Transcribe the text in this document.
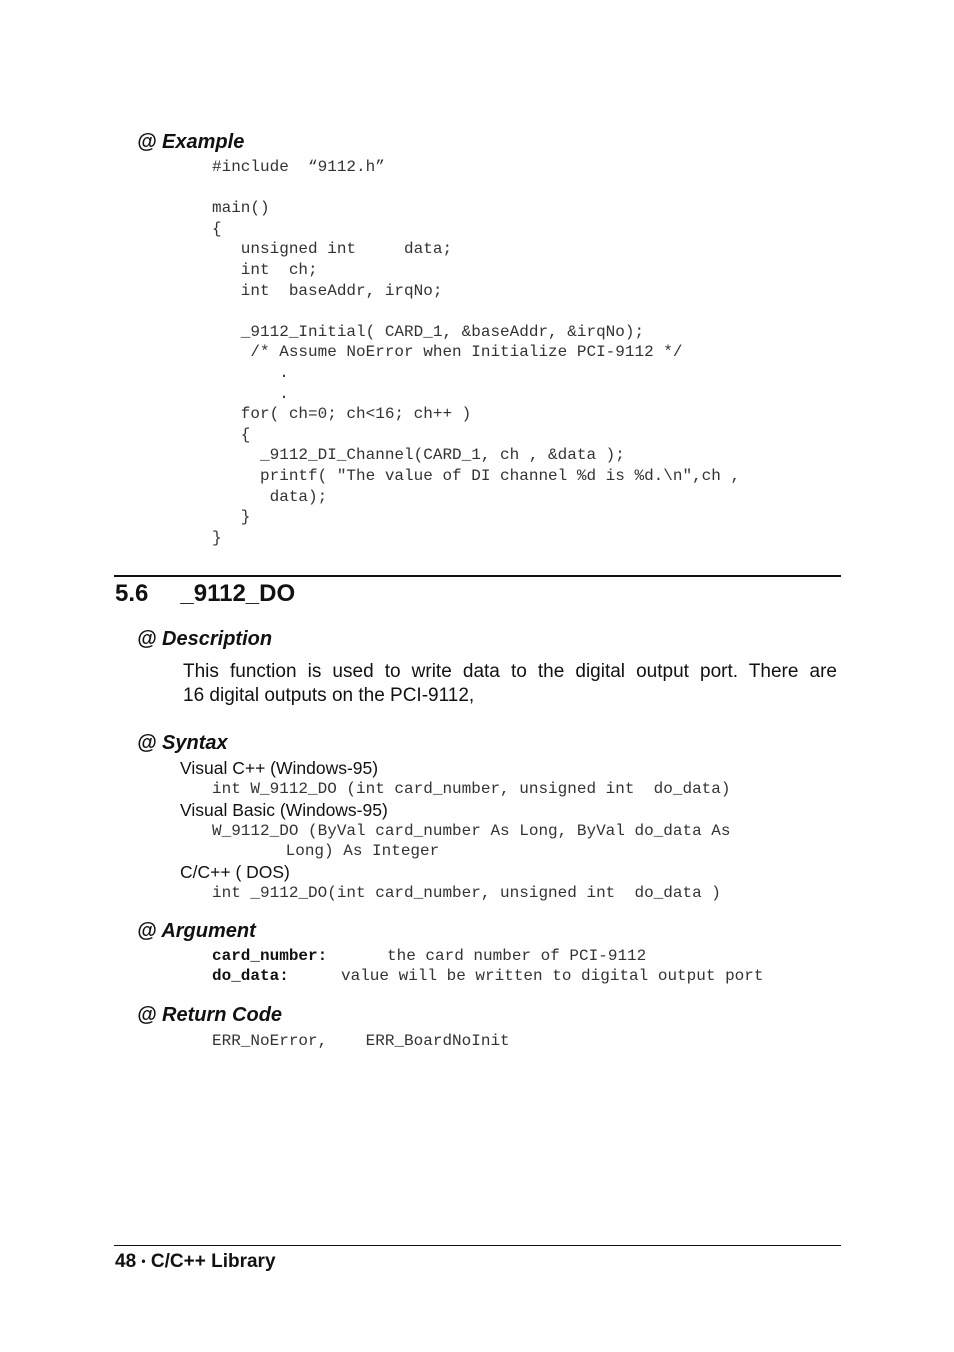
@ Example
#include  “9112.h”

main()
{
unsigned int     data;
int  ch;
int  baseAddr, irqNo;

_9112_Initial( CARD_1, &baseAddr, &irqNo);
/* Assume NoError when Initialize PCI-9112 */
.
.
for( ch=0; ch<16; ch++ )
{
_9112_DI_Channel(CARD_1, ch , &data );
printf( "The value of DI channel %d is %d.\n",ch ,
data);
}
}
5.6 _9112_DO
@ Description
This function is used to write data to the digital output port. There are
16 digital outputs on the PCI-9112,
@ Syntax
Visual C++ (Windows-95)
int W_9112_DO (int card_number, unsigned int  do_data)
Visual Basic (Windows-95)
W_9112_DO (ByVal card_number As Long, ByVal do_data As
Long) As Integer
C/C++ ( DOS)
int _9112_DO(int card_number, unsigned int  do_data )
@ Argument
card_number:	the card number of PCI-9112
do_data:	value will be written to digital output port
@ Return Code
ERR_NoError,    ERR_BoardNoInit
48 • C/C++ Library
